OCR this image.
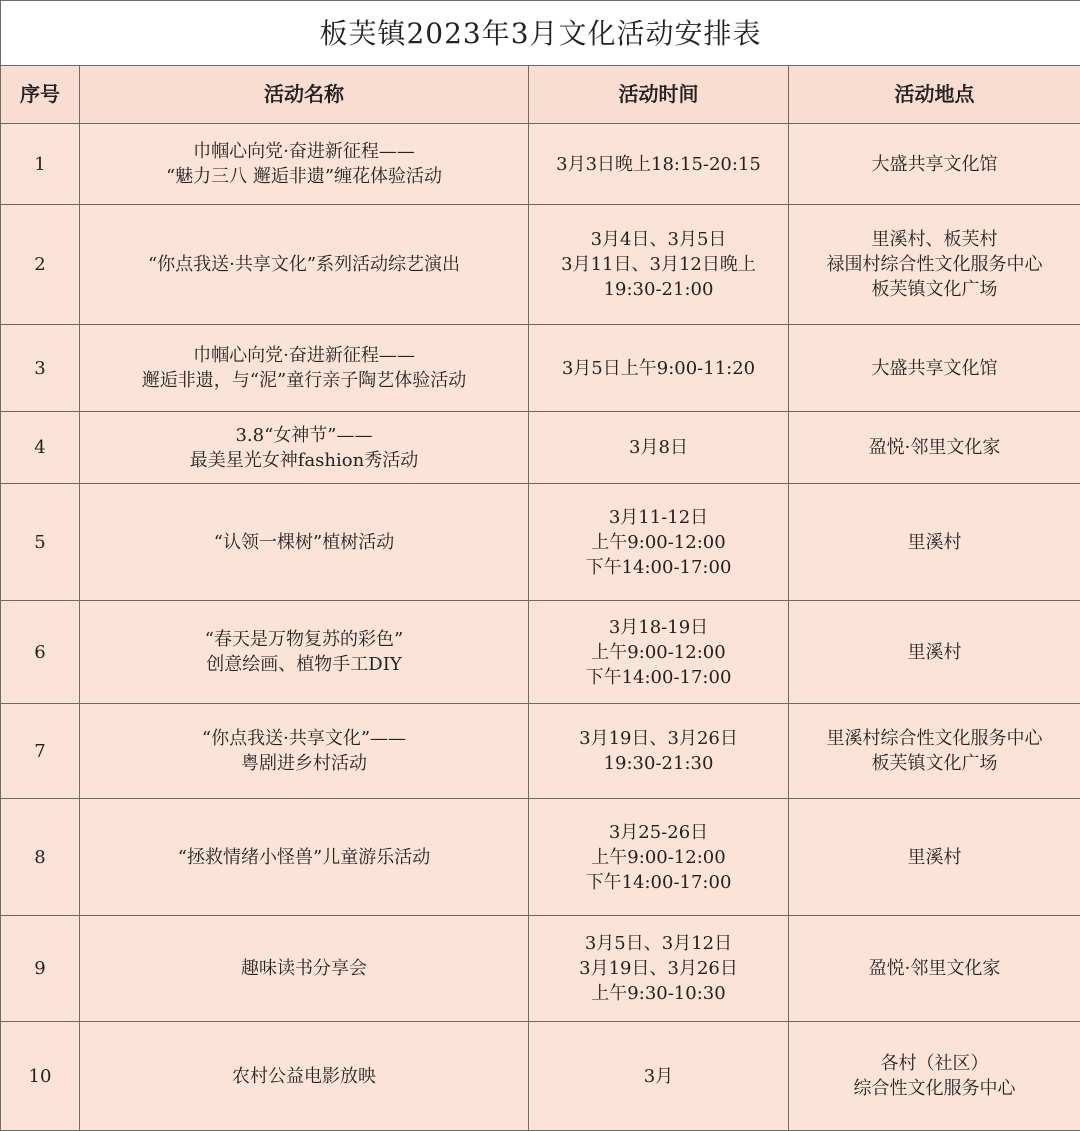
板芙镇2023年3月文化活动安排表			
序号	活动名称	活动时间	活动地点
1	巾帼心向党·奋进新征程——
“魅力三八 邂逅非遗”缠花体验活动	3月3日晚上18:15-20:15	大盛共享文化馆

2	“你点我送·共享文化”系列活动综艺演出	3月4日、3月5日
3月11日、3月12日晚上
19:30-21:00	里溪村、板芙村
禄围村综合性文化服务中心
板芙镇文化广场

3	巾帼心向党·奋进新征程——
邂逅非遗，与“泥”童行亲子陶艺体验活动	3月5日上午9:00-11:20	大盛共享文化馆

4	3.8“女神节”——
最美星光女神fashion秀活动	3月8日	盈悦·邻里文化家

5	“认领一棵树”植树活动	3月11-12日
上午9:00-12:00
下午14:00-17:00	里溪村

6	“春天是万物复苏的彩色”
创意绘画、植物手工DIY	3月18-19日
上午9:00-12:00
下午14:00-17:00	里溪村

7	“你点我送·共享文化”——
粤剧进乡村活动	3月19日、3月26日
19:30-21:30	里溪村综合性文化服务中心
板芙镇文化广场

8	“拯救情绪小怪兽”儿童游乐活动	3月25-26日
上午9:00-12:00
下午14:00-17:00	里溪村

9	趣味读书分享会	3月5日、3月12日
3月19日、3月26日
上午9:30-10:30	盈悦·邻里文化家

10	农村公益电影放映	3月	各村（社区）
综合性文化服务中心
